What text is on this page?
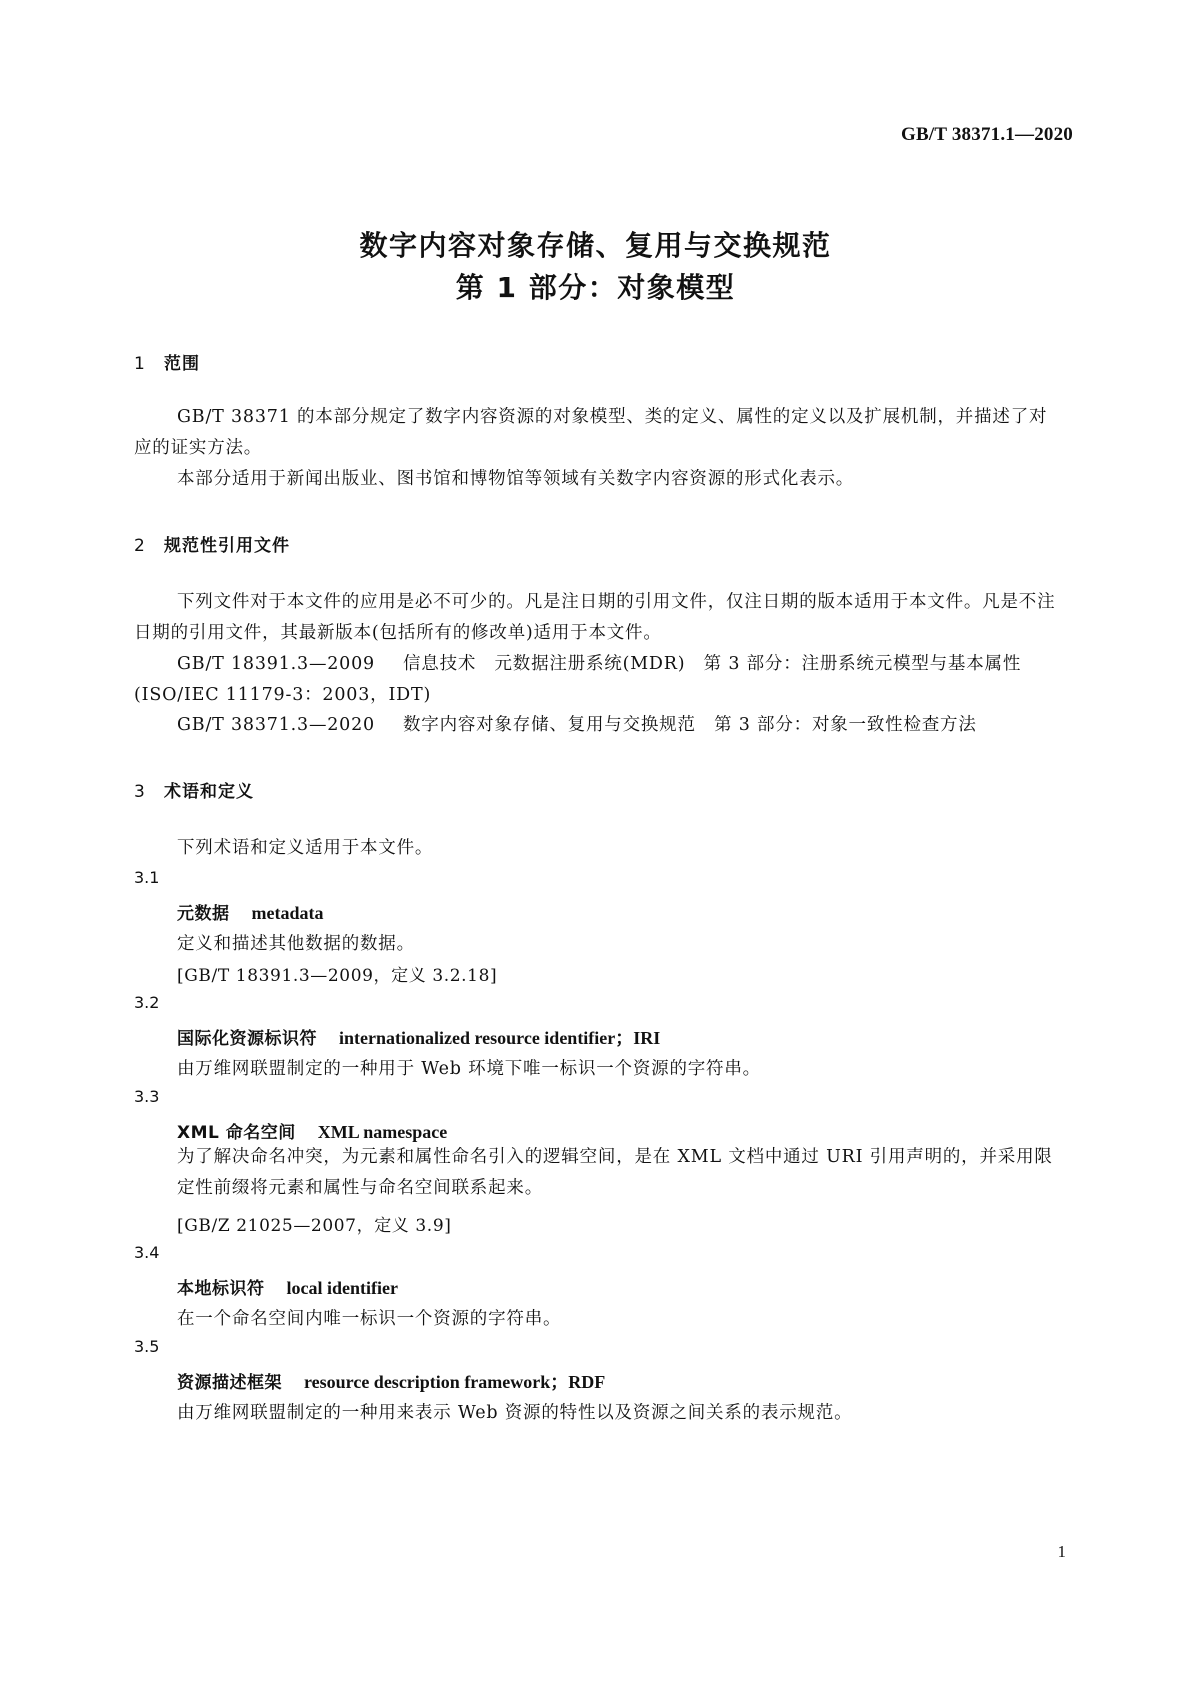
GB/T 38371.1—2020
数字内容对象存储、复用与交换规范
第 1 部分：对象模型
1 范围
GB/T 38371 的本部分规定了数字内容资源的对象模型、类的定义、属性的定义以及扩展机制，并描述了对应的证实方法。
本部分适用于新闻出版业、图书馆和博物馆等领域有关数字内容资源的形式化表示。
2 规范性引用文件
下列文件对于本文件的应用是必不可少的。凡是注日期的引用文件，仅注日期的版本适用于本文件。凡是不注日期的引用文件，其最新版本(包括所有的修改单)适用于本文件。
GB/T 18391.3—2009 信息技术　元数据注册系统(MDR)　第 3 部分：注册系统元模型与基本属性(ISO/IEC 11179-3：2003，IDT)
GB/T 38371.3—2020 数字内容对象存储、复用与交换规范　第 3 部分：对象一致性检查方法
3 术语和定义
下列术语和定义适用于本文件。
3.1
元数据 metadata
定义和描述其他数据的数据。
[GB/T 18391.3—2009，定义 3.2.18]
3.2
国际化资源标识符 internationalized resource identifier；IRI
由万维网联盟制定的一种用于 Web 环境下唯一标识一个资源的字符串。
3.3
XML 命名空间 XML namespace
为了解决命名冲突，为元素和属性命名引入的逻辑空间，是在 XML 文档中通过 URI 引用声明的，并采用限定性前缀将元素和属性与命名空间联系起来。
[GB/Z 21025—2007，定义 3.9]
3.4
本地标识符 local identifier
在一个命名空间内唯一标识一个资源的字符串。
3.5
资源描述框架 resource description framework；RDF
由万维网联盟制定的一种用来表示 Web 资源的特性以及资源之间关系的表示规范。
1
